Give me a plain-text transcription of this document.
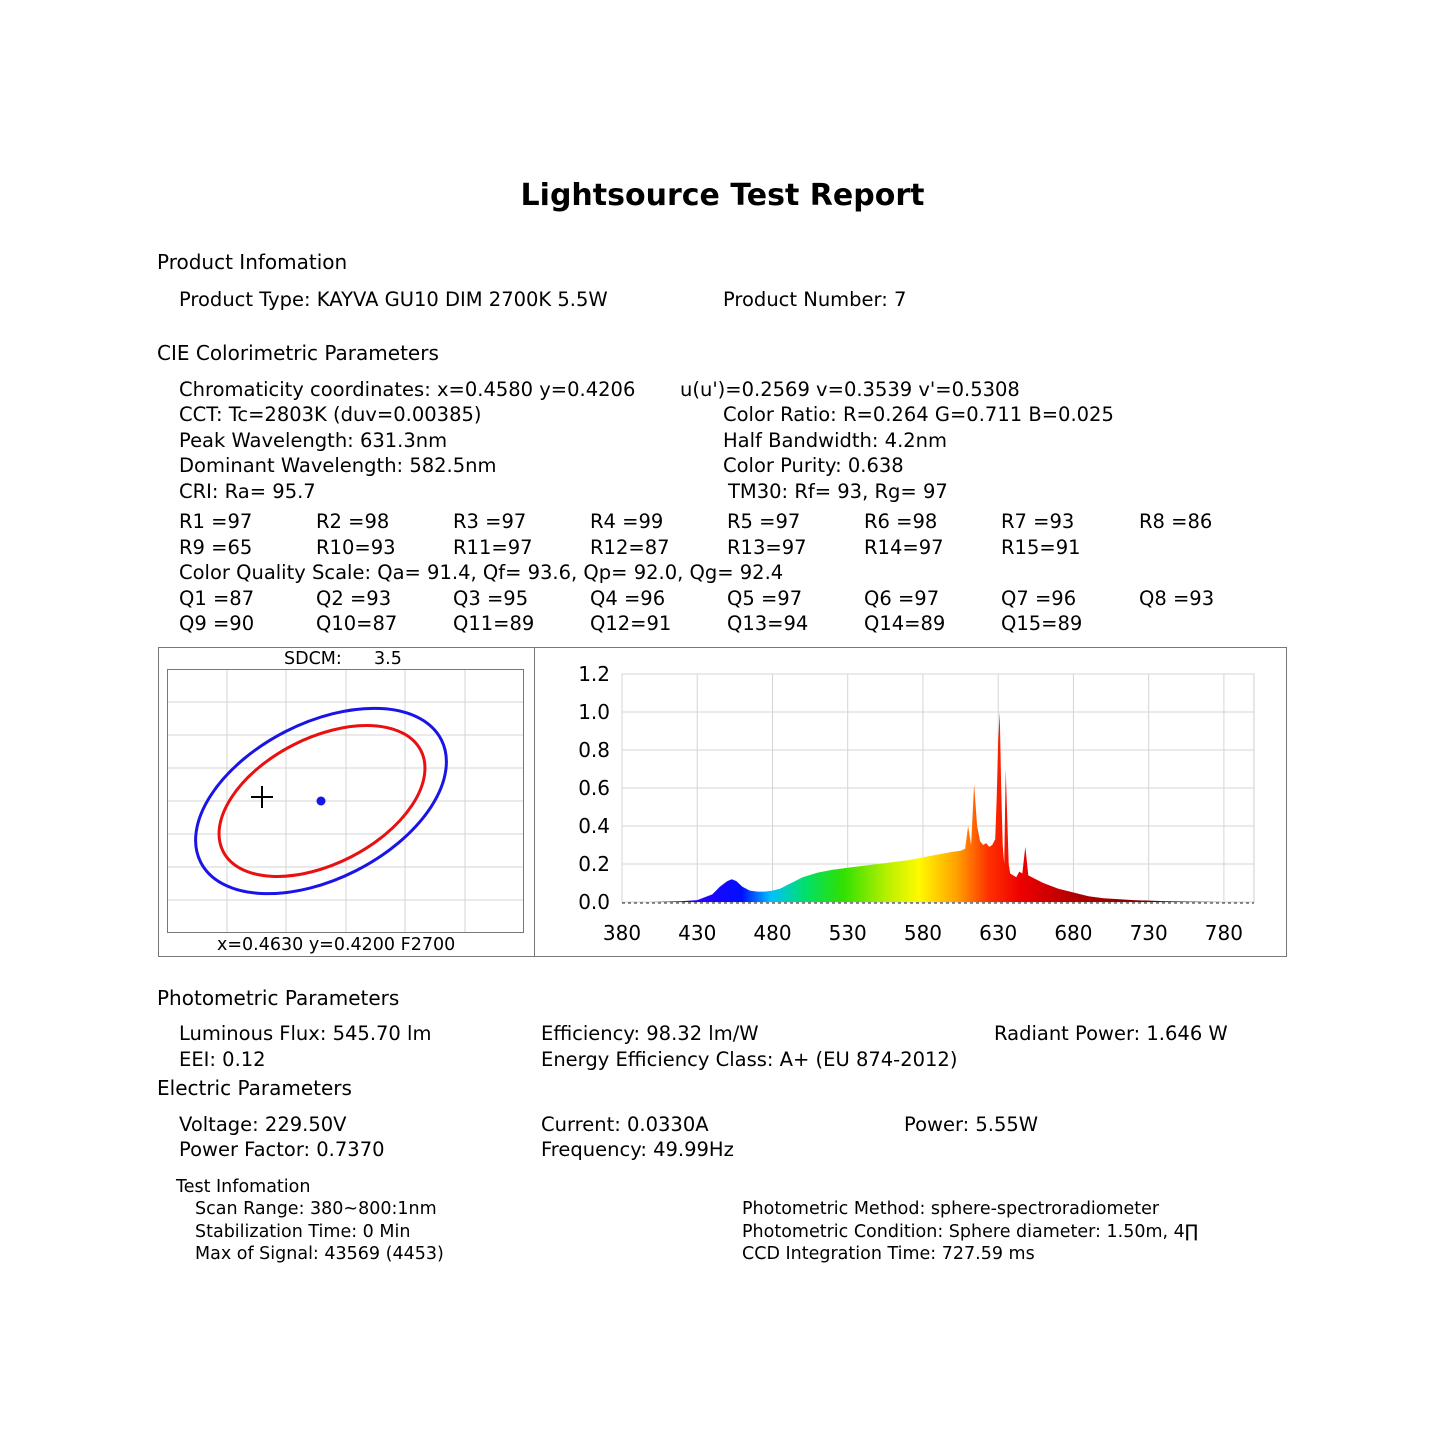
Lightsource Test Report
Product Infomation
Product Type: KAYVA GU10 DIM 2700K 5.5W	Product Number: 7
CIE Colorimetric Parameters
Chromaticity coordinates: x=0.4580 y=0.4206 u(u')=0.2569 v=0.3539 v'=0.5308
CCT: Tc=2803K (duv=0.00385)	Color Ratio: R=0.264 G=0.711 B=0.025
Peak Wavelength: 631.3nm	Half Bandwidth: 4.2nm
Dominant Wavelength: 582.5nm	Color Purity: 0.638
CRI: Ra= 95.7	TM30: Rf= 93, Rg= 97
R1 =97	R2 =98	R3 =97	R4 =99	R5 =97	R6 =98	R7 =93	R8 =86
R9 =65	R10=93	R11=97	R12=87	R13=97	R14=97	R15=91
Color Quality Scale: Qa= 91.4, Qf= 93.6, Qp= 92.0, Qg= 92.4
Q1 =87	Q2 =93	Q3 =95	Q4 =96	Q5 =97	Q6 =97	Q7 =96	Q8 =93
Q9 =90	Q10=87	Q11=89	Q12=91	Q13=94	Q14=89	Q15=89
SDCM: 3.5
x=0.4630 y=0.4200 F2700
0.0
0.2
0.4
0.6
0.8
1.0
1.2
380 430 480 530 580 630 680 730 780
Photometric Parameters
Luminous Flux: 545.70 lm	Efficiency: 98.32 lm/W	Radiant Power: 1.646 W
EEI: 0.12	Energy Efficiency Class: A+ (EU 874-2012)
Electric Parameters
Voltage: 229.50V	Current: 0.0330A	Power: 5.55W
Power Factor: 0.7370	Frequency: 49.99Hz
Test Infomation
Scan Range: 380~800:1nm
Stabilization Time: 0 Min
Max of Signal: 43569 (4453)
Photometric Method: sphere-spectroradiometer
Photometric Condition: Sphere diameter: 1.50m, 4∏
CCD Integration Time: 727.59 ms
